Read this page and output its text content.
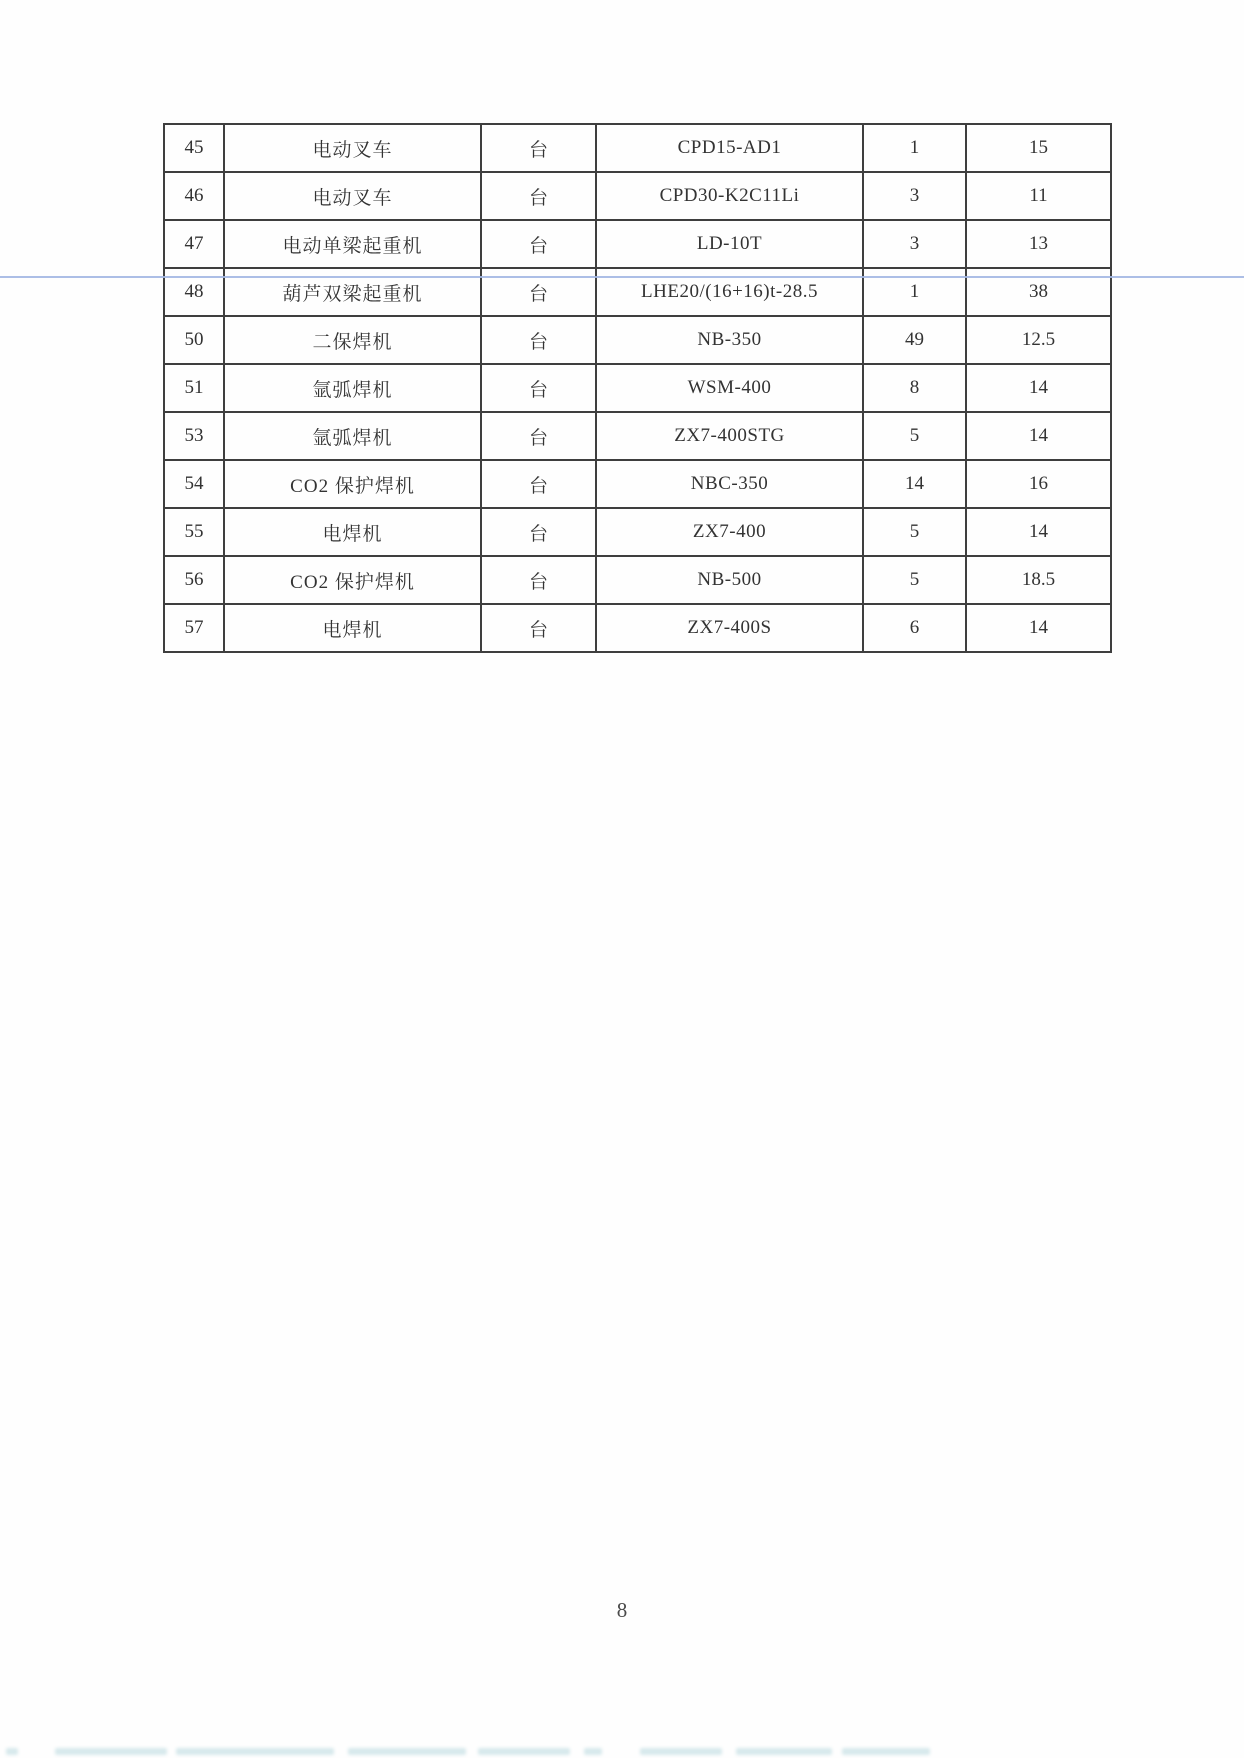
45	电动叉车	台	CPD15-AD1	1	15
46	电动叉车	台	CPD30-K2C11Li	3	11
47	电动单梁起重机	台	LD-10T	3	13
48	葫芦双梁起重机	台	LHE20/(16+16)t-28.5	1	38
50	二保焊机	台	NB-350	49	12.5
51	氩弧焊机	台	WSM-400	8	14
53	氩弧焊机	台	ZX7-400STG	5	14
54	CO2 保护焊机	台	NBC-350	14	16
55	电焊机	台	ZX7-400	5	14
56	CO2 保护焊机	台	NB-500	5	18.5
57	电焊机	台	ZX7-400S	6	14
8
